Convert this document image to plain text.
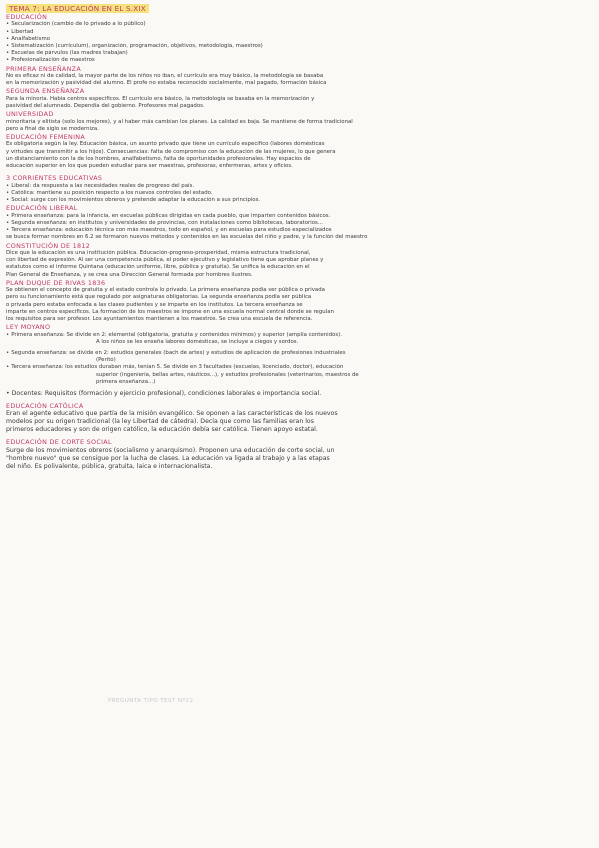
TEMA 7: LA EDUCACIÓN EN EL S.XIX
EDUCACIÓN
• Secularización (cambio de lo privado a lo público)
• Libertad
• Analfabetismo
• Sistematización (currículum), organización, programación, objetivos, metodología, maestros)
• Escuelas de párvulos (las madres trabajan)
• Profesionalización de maestros
PRIMERA ENSEÑANZA
No es eficaz ni de calidad, la mayor parte de los niños no iban, el currículo era muy básico, la metodología se basaba
en la memorización y pasividad del alumno. El profe no estaba reconocido socialmente, mal pagado, formación básica
SEGUNDA ENSEÑANZA
Para la minoría. Había centros específicos. El currículo era básico, la metodología se basaba en la memorización y
pasividad del alumnado. Dependía del gobierno. Profesores mal pagados.
UNIVERSIDAD
minoritaria y elitista (solo los mejores), y al haber más cambian los planes. La calidad es baja. Se mantiene de forma tradicional
pero a final de siglo se moderniza.
EDUCACIÓN FEMENINA
Es obligatoria según la ley. Educación básica, un asunto privado que tiene un currículo específico (labores domésticas
y virtudes que transmitir a los hijos). Consecuencias: falta de compromiso con la educación de las mujeres, lo que genera
un distanciamiento con la de los hombres, analfabetismo, falta de oportunidades profesionales. Hay espacios de
educación superior en los que pueden estudiar para ser maestras, profesoras, enfermeras, artes y oficios.
3 CORRIENTES EDUCATIVAS
• Liberal: da respuesta a las necesidades reales de progreso del país.
• Católica: mantiene su posición respecto a los nuevos controles del estado.
• Social: surge con los movimientos obreros y pretende adaptar la educación a sus principios.
EDUCACIÓN LIBERAL
• Primera enseñanza: para la infancia, en escuelas públicas dirigidas en cada pueblo, que imparten contenidos básicos.
• Segunda enseñanza: en institutos y universidades de provincias, con instalaciones como bibliotecas, laboratorios...
• Tercera enseñanza: educación técnica con más maestros, todo en español, y en escuelas para estudios especializados
se busca formar nombres en 6.2 se formaron nuevos métodos y contenidos en las escuelas del niño y padre, y la función del maestro
CONSTITUCIÓN DE 1812
Dice que la educación es una institución pública. Educación-progreso-prosperidad, misma estructura tradicional,
con libertad de expresión. Al ser una competencia pública, el poder ejecutivo y legislativo tiene que aprobar planes y
estatutos como el informe Quintana (educación uniforme, libre, pública y gratuita). Se unifica la educación en el
Plan General de Enseñanza, y se crea una Dirección General formada por hombres ilustres.
PLAN DUQUE DE RIVAS 1836
Se obtienen el concepto de gratuita y el estado controla lo privado. La primera enseñanza podía ser pública o privada
pero su funcionamiento está que regulado por asignaturas obligatorias. La segunda enseñanza podía ser pública
o privada pero estaba enfocada a las clases pudientes y se imparte en los institutos. La tercera enseñanza se
imparte en centros específicos. La formación de los maestros se impone en una escuela normal central donde se regulan
los requisitos para ser profesor. Los ayuntamientos mantienen a los maestros. Se crea una escuela de referencia.
LEY MOYANO
• Primera enseñanza: Se divide en 2: elemental (obligatoria, gratuita y contenidos mínimos) y superior (amplía contenidos).
A los niños se les enseña labores domésticas, se incluye a ciegos y sordos.
• Segunda enseñanza: se divide en 2: estudios generales (bach de artes) y estudios de aplicación de profesiones industriales
(Perito)
• Tercera enseñanza: los estudios duraban más, tenían 5. Se divide en 3 facultades (escuelas, licenciado, doctor), educación
superior (ingeniería, bellas artes, náuticos...), y estudios profesionales (veterinarios, maestros de
primera enseñanza...)
• Docentes: Requisitos (formación y ejercicio profesional), condiciones laborales e importancia social.
EDUCACIÓN CATÓLICA
Eran el agente educativo que partía de la misión evangélico. Se oponen a las características de los nuevos
modelos por su origen tradicional (la ley Libertad de cátedra). Decía que como las familias eran los
primeros educadores y son de origen católico, la educación debía ser católica. Tienen apoyo estatal.
EDUCACIÓN DE CORTE SOCIAL
Surge de los movimientos obreros (socialismo y anarquismo). Proponen una educación de corte social, un
"hombre nuevo" que se consigue por la lucha de clases. La educación va ligada al trabajo y a las etapas
del niño. Es polivalente, pública, gratuita, laica e internacionalista.
PREGUNTA TIPO TEST Nº22
